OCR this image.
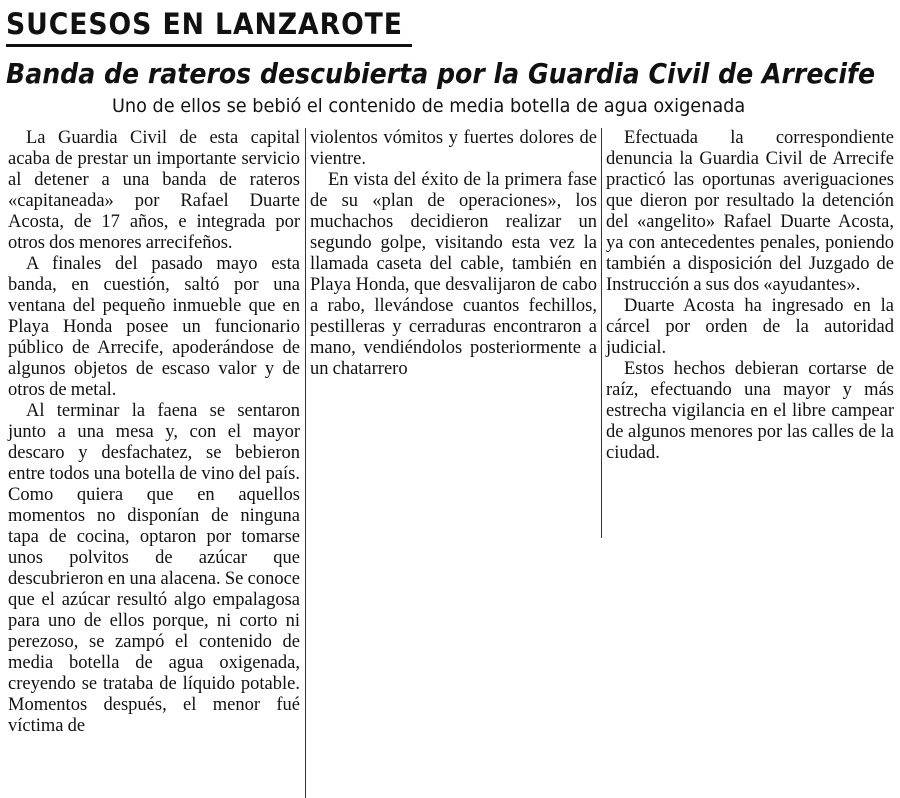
SUCESOS EN LANZAROTE
Banda de rateros descubierta por la Guardia Civil de Arrecife

Uno de ellos se bebió el contenido de media botella de agua oxigenada

La Guardia Civil de esta capital acaba de prestar un importante servicio al detener a una banda de rateros «capitaneada» por Rafael Duarte Acosta, de 17 años, e integrada por otros dos menores arrecifeños.

A finales del pasado mayo esta banda, en cuestión, saltó por una ventana del pequeño inmueble que en Playa Honda posee un funcionario público de Arrecife, apoderándose de algunos objetos de escaso valor y de otros de metal.

Al terminar la faena se sentaron junto a una mesa y, con el mayor descaro y desfachatez, se bebieron entre todos una botella de vino del país. Como quiera que en aquellos momentos no disponían de ninguna tapa de cocina, optaron por tomarse unos polvitos de azúcar que descubrieron en una alacena. Se conoce que el azúcar resultó algo empalagosa para uno de ellos porque, ni corto ni perezoso, se zampó el contenido de media botella de agua oxigenada, creyendo se trataba de líquido potable. Momentos después, el menor fué víctima de

violentos vómitos y fuertes dolores de vientre.

En vista del éxito de la primera fase de su «plan de operaciones», los muchachos decidieron realizar un segundo golpe, visitando esta vez la llamada caseta del cable, también en Playa Honda, que desvalijaron de cabo a rabo, llevándose cuantos fechillos, pestilleras y cerraduras encontraron a mano, vendiéndolos posteriormente a un chatarrero

Efectuada la correspondiente denuncia la Guardia Civil de Arrecife practicó las oportunas averiguaciones que dieron por resultado la detención del «angelito» Rafael Duarte Acosta, ya con antecedentes penales, poniendo también a disposición del Juzgado de Instrucción a sus dos «ayudantes».

Duarte Acosta ha ingresado en la cárcel por orden de la autoridad judicial.

Estos hechos debieran cortarse de raíz, efectuando una mayor y más estrecha vigilancia en el libre campear de algunos menores por las calles de la ciudad.
